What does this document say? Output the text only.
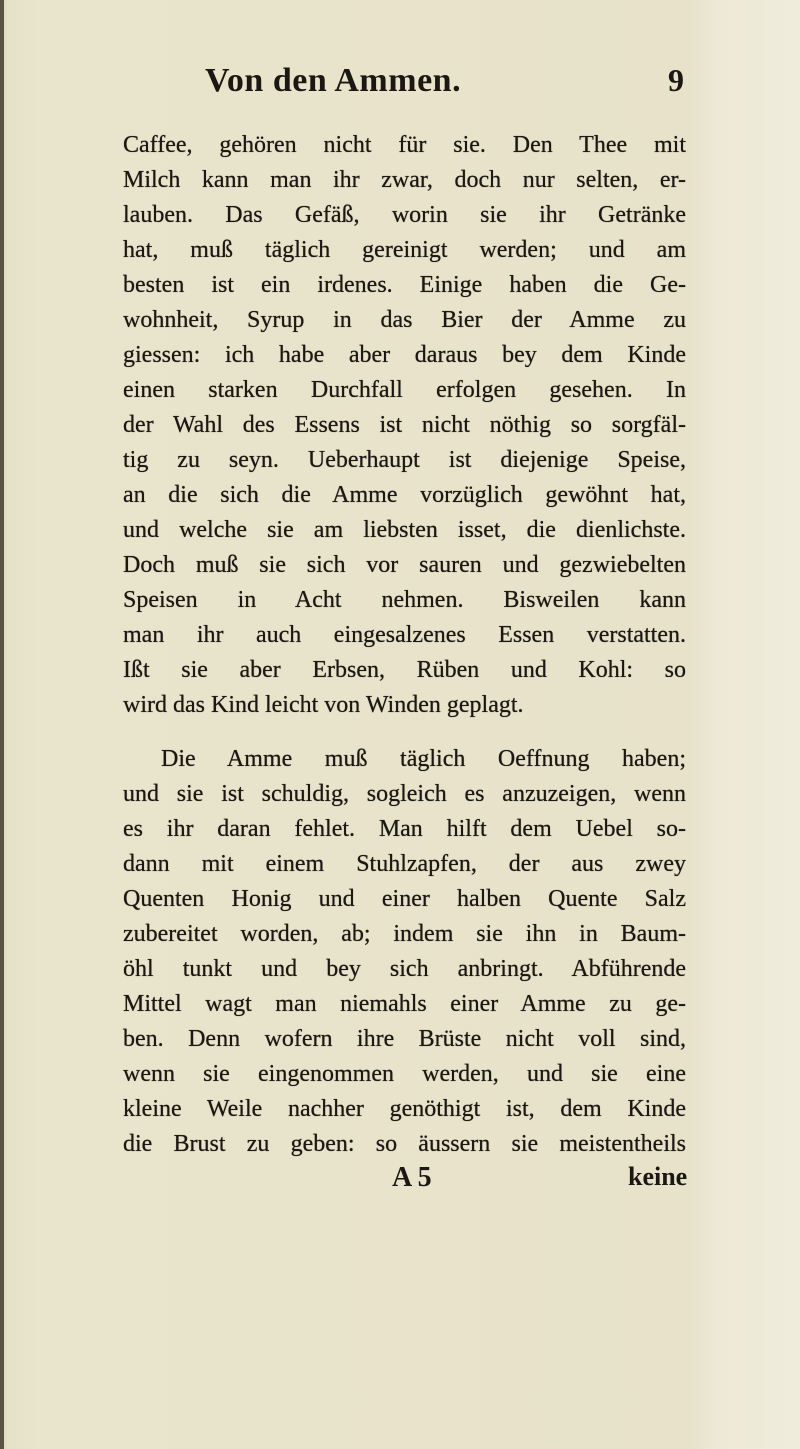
Von den Ammen.	9
Caffee, gehören nicht für sie. Den Thee mit
Milch kann man ihr zwar, doch nur selten, er-
lauben. Das Gefäß, worin sie ihr Getränke
hat, muß täglich gereinigt werden; und am
besten ist ein irdenes. Einige haben die Ge-
wohnheit, Syrup in das Bier der Amme zu
giessen: ich habe aber daraus bey dem Kinde
einen starken Durchfall erfolgen gesehen. In
der Wahl des Essens ist nicht nöthig so sorgfäl-
tig zu seyn. Ueberhaupt ist diejenige Speise,
an die sich die Amme vorzüglich gewöhnt hat,
und welche sie am liebsten isset, die dienlichste.
Doch muß sie sich vor sauren und gezwiebelten
Speisen in Acht nehmen. Bisweilen kann
man ihr auch eingesalzenes Essen verstatten.
Ißt sie aber Erbsen, Rüben und Kohl: so
wird das Kind leicht von Winden geplagt.
Die Amme muß täglich Oeffnung haben;
und sie ist schuldig, sogleich es anzuzeigen, wenn
es ihr daran fehlet. Man hilft dem Uebel so-
dann mit einem Stuhlzapfen, der aus zwey
Quenten Honig und einer halben Quente Salz
zubereitet worden, ab; indem sie ihn in Baum-
öhl tunkt und bey sich anbringt. Abführende
Mittel wagt man niemahls einer Amme zu ge-
ben. Denn wofern ihre Brüste nicht voll sind,
wenn sie eingenommen werden, und sie eine
kleine Weile nachher genöthigt ist, dem Kinde
die Brust zu geben: so äussern sie meistentheils
A 5	keine
